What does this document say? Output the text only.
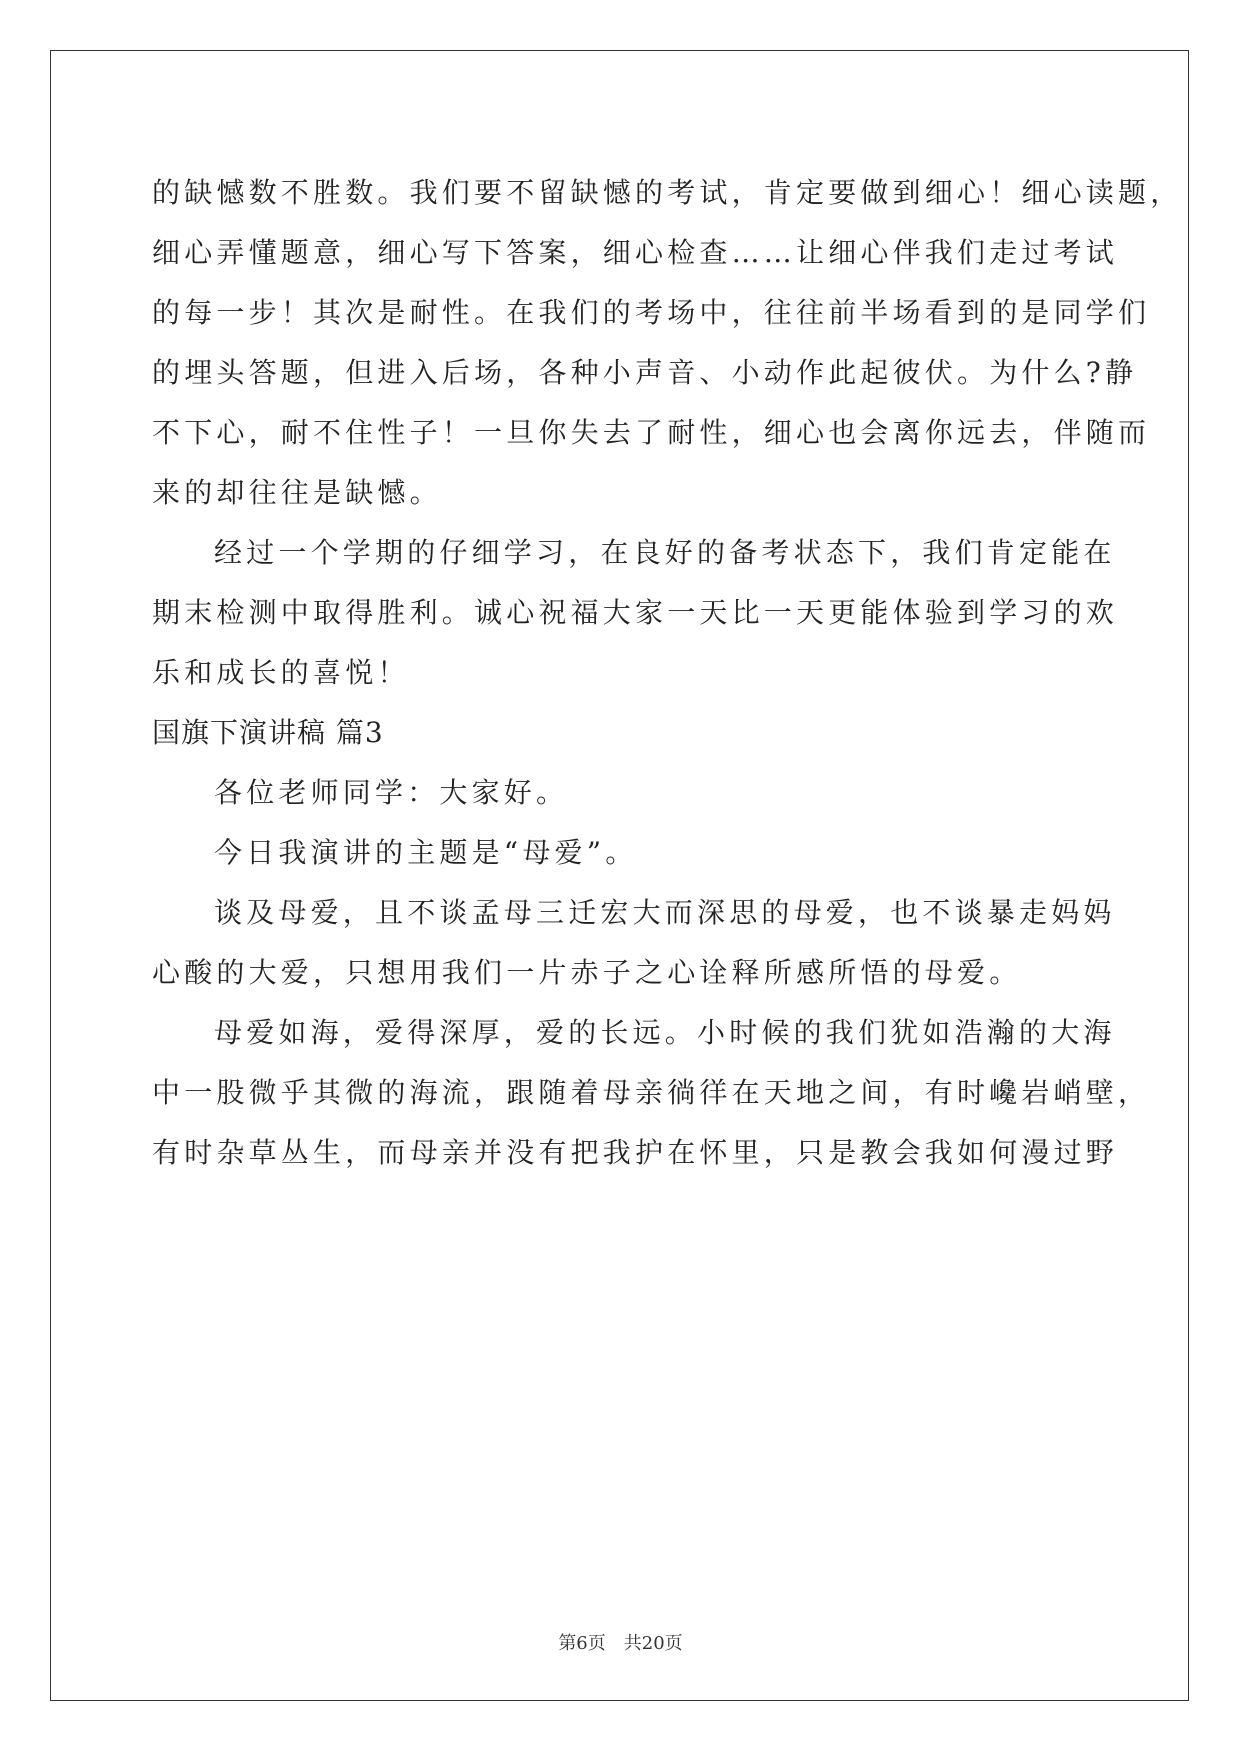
的缺憾数不胜数。我们要不留缺憾的考试，肯定要做到细心！细心读题，
细心弄懂题意，细心写下答案，细心检查……让细心伴我们走过考试
的每一步！其次是耐性。在我们的考场中，往往前半场看到的是同学们
的埋头答题，但进入后场，各种小声音、小动作此起彼伏。为什么?静
不下心，耐不住性子！一旦你失去了耐性，细心也会离你远去，伴随而
来的却往往是缺憾。
经过一个学期的仔细学习，在良好的备考状态下，我们肯定能在
期末检测中取得胜利。诚心祝福大家一天比一天更能体验到学习的欢
乐和成长的喜悦！
国旗下演讲稿 篇3
各位老师同学：大家好。
今日我演讲的主题是“母爱”。
谈及母爱，且不谈孟母三迁宏大而深思的母爱，也不谈暴走妈妈
心酸的大爱，只想用我们一片赤子之心诠释所感所悟的母爱。
母爱如海，爱得深厚，爱的长远。小时候的我们犹如浩瀚的大海
中一股微乎其微的海流，跟随着母亲徜徉在天地之间，有时巉岩峭壁，
有时杂草丛生，而母亲并没有把我护在怀里，只是教会我如何漫过野
第6页　共20页
